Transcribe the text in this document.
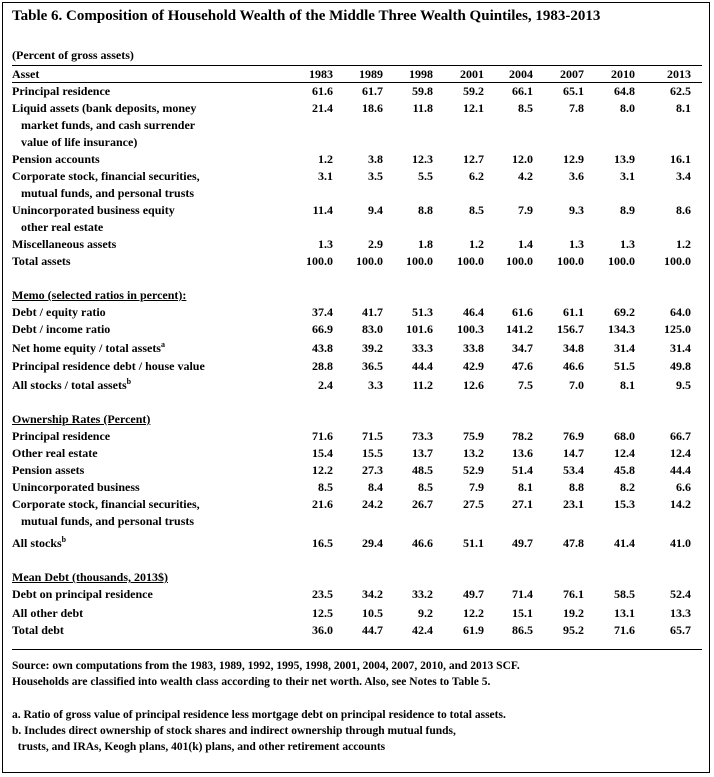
Table 6. Composition of Household Wealth of the Middle Three Wealth Quintiles, 1983-2013
(Percent of gross assets)
Asset	1983	1989	1998	2001	2004	2007	2010	2013
Principal residence	61.6	61.7	59.8	59.2	66.1	65.1	64.8	62.5
Liquid assets (bank deposits, money	21.4	18.6	11.8	12.1	8.5	7.8	8.0	8.1
market funds, and cash surrender
value of life insurance)
Pension accounts	1.2	3.8	12.3	12.7	12.0	12.9	13.9	16.1
Corporate stock, financial securities,	3.1	3.5	5.5	6.2	4.2	3.6	3.1	3.4
mutual funds, and personal trusts
Unincorporated business equity	11.4	9.4	8.8	8.5	7.9	9.3	8.9	8.6
other real estate
Miscellaneous assets	1.3	2.9	1.8	1.2	1.4	1.3	1.3	1.2
Total assets	100.0	100.0	100.0	100.0	100.0	100.0	100.0	100.0
Memo (selected ratios in percent):
Debt / equity ratio	37.4	41.7	51.3	46.4	61.6	61.1	69.2	64.0
Debt / income ratio	66.9	83.0	101.6	100.3	141.2	156.7	134.3	125.0
Net home equity / total assets$^a$	43.8	39.2	33.3	33.8	34.7	34.8	31.4	31.4
Principal residence debt / house value	28.8	36.5	44.4	42.9	47.6	46.6	51.5	49.8
All stocks / total assets$^b$	2.4	3.3	11.2	12.6	7.5	7.0	8.1	9.5
Ownership Rates (Percent)
Principal residence	71.6	71.5	73.3	75.9	78.2	76.9	68.0	66.7
Other real estate	15.4	15.5	13.7	13.2	13.6	14.7	12.4	12.4
Pension assets	12.2	27.3	48.5	52.9	51.4	53.4	45.8	44.4
Unincorporated business	8.5	8.4	8.5	7.9	8.1	8.8	8.2	6.6
Corporate stock, financial securities,	21.6	24.2	26.7	27.5	27.1	23.1	15.3	14.2
mutual funds, and personal trusts
All stocks$^b$	16.5	29.4	46.6	51.1	49.7	47.8	41.4	41.0
Mean Debt (thousands, 2013$)
Debt on principal residence	23.5	34.2	33.2	49.7	71.4	76.1	58.5	52.4
All other debt	12.5	10.5	9.2	12.2	15.1	19.2	13.1	13.3
Total debt	36.0	44.7	42.4	61.9	86.5	95.2	71.6	65.7
Source: own computations from the 1983, 1989, 1992, 1995, 1998, 2001, 2004, 2007, 2010, and 2013 SCF.
Households are classified into wealth class according to their net worth. Also, see Notes to Table 5.
a. Ratio of gross value of principal residence less mortgage debt on principal residence to total assets.
b. Includes direct ownership of stock shares and indirect ownership through mutual funds,
trusts, and IRAs, Keogh plans, 401(k) plans, and other retirement accounts
